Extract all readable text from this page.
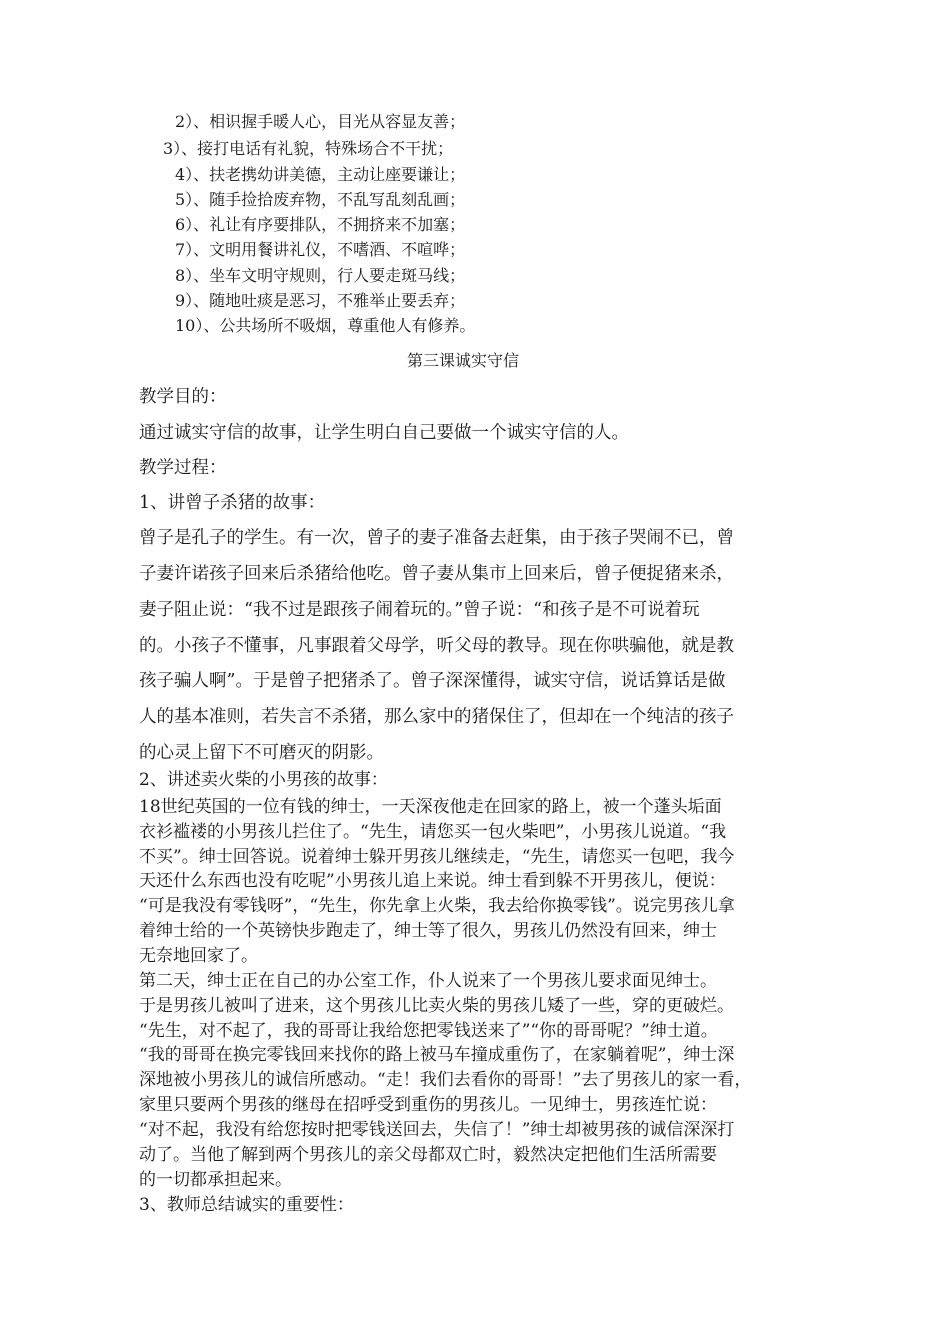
2）、相识握手暖人心，目光从容显友善；
3）、接打电话有礼貌，特殊场合不干扰；
4）、扶老携幼讲美德，主动让座要谦让；
5）、随手捡拾废弃物，不乱写乱刻乱画；
6）、礼让有序要排队，不拥挤来不加塞；
7）、文明用餐讲礼仪，不嗜酒、不喧哗；
8）、坐车文明守规则，行人要走斑马线；
9）、随地吐痰是恶习，不雅举止要丢弃；
10）、公共场所不吸烟，尊重他人有修养。
第三课诚实守信
教学目的：
通过诚实守信的故事，让学生明白自己要做一个诚实守信的人。
教学过程：
1、讲曾子杀猪的故事：
曾子是孔子的学生。有一次，曾子的妻子准备去赶集，由于孩子哭闹不已，曾
子妻许诺孩子回来后杀猪给他吃。曾子妻从集市上回来后，曾子便捉猪来杀，
妻子阻止说：“我不过是跟孩子闹着玩的。”曾子说：“和孩子是不可说着玩
的。小孩子不懂事，凡事跟着父母学，听父母的教导。现在你哄骗他，就是教
孩子骗人啊”。于是曾子把猪杀了。曾子深深懂得，诚实守信，说话算话是做
人的基本准则，若失言不杀猪，那么家中的猪保住了，但却在一个纯洁的孩子
的心灵上留下不可磨灭的阴影。
2、讲述卖火柴的小男孩的故事：
18世纪英国的一位有钱的绅士，一天深夜他走在回家的路上，被一个蓬头垢面
衣衫褴褛的小男孩儿拦住了。“先生，请您买一包火柴吧”，小男孩儿说道。“我
不买”。绅士回答说。说着绅士躲开男孩儿继续走，“先生，请您买一包吧，我今
天还什么东西也没有吃呢”小男孩儿追上来说。绅士看到躲不开男孩儿，便说：
“可是我没有零钱呀”，“先生，你先拿上火柴，我去给你换零钱”。说完男孩儿拿
着绅士给的一个英镑快步跑走了，绅士等了很久，男孩儿仍然没有回来，绅士
无奈地回家了。
第二天，绅士正在自己的办公室工作，仆人说来了一个男孩儿要求面见绅士。
于是男孩儿被叫了进来，这个男孩儿比卖火柴的男孩儿矮了一些，穿的更破烂。
“先生，对不起了，我的哥哥让我给您把零钱送来了”“你的哥哥呢？”绅士道。
“我的哥哥在换完零钱回来找你的路上被马车撞成重伤了，在家躺着呢”，绅士深
深地被小男孩儿的诚信所感动。“走！我们去看你的哥哥！”去了男孩儿的家一看，
家里只要两个男孩的继母在招呼受到重伤的男孩儿。一见绅士，男孩连忙说：
“对不起，我没有给您按时把零钱送回去，失信了！”绅士却被男孩的诚信深深打
动了。当他了解到两个男孩儿的亲父母都双亡时，毅然决定把他们生活所需要
的一切都承担起来。
3、教师总结诚实的重要性：
